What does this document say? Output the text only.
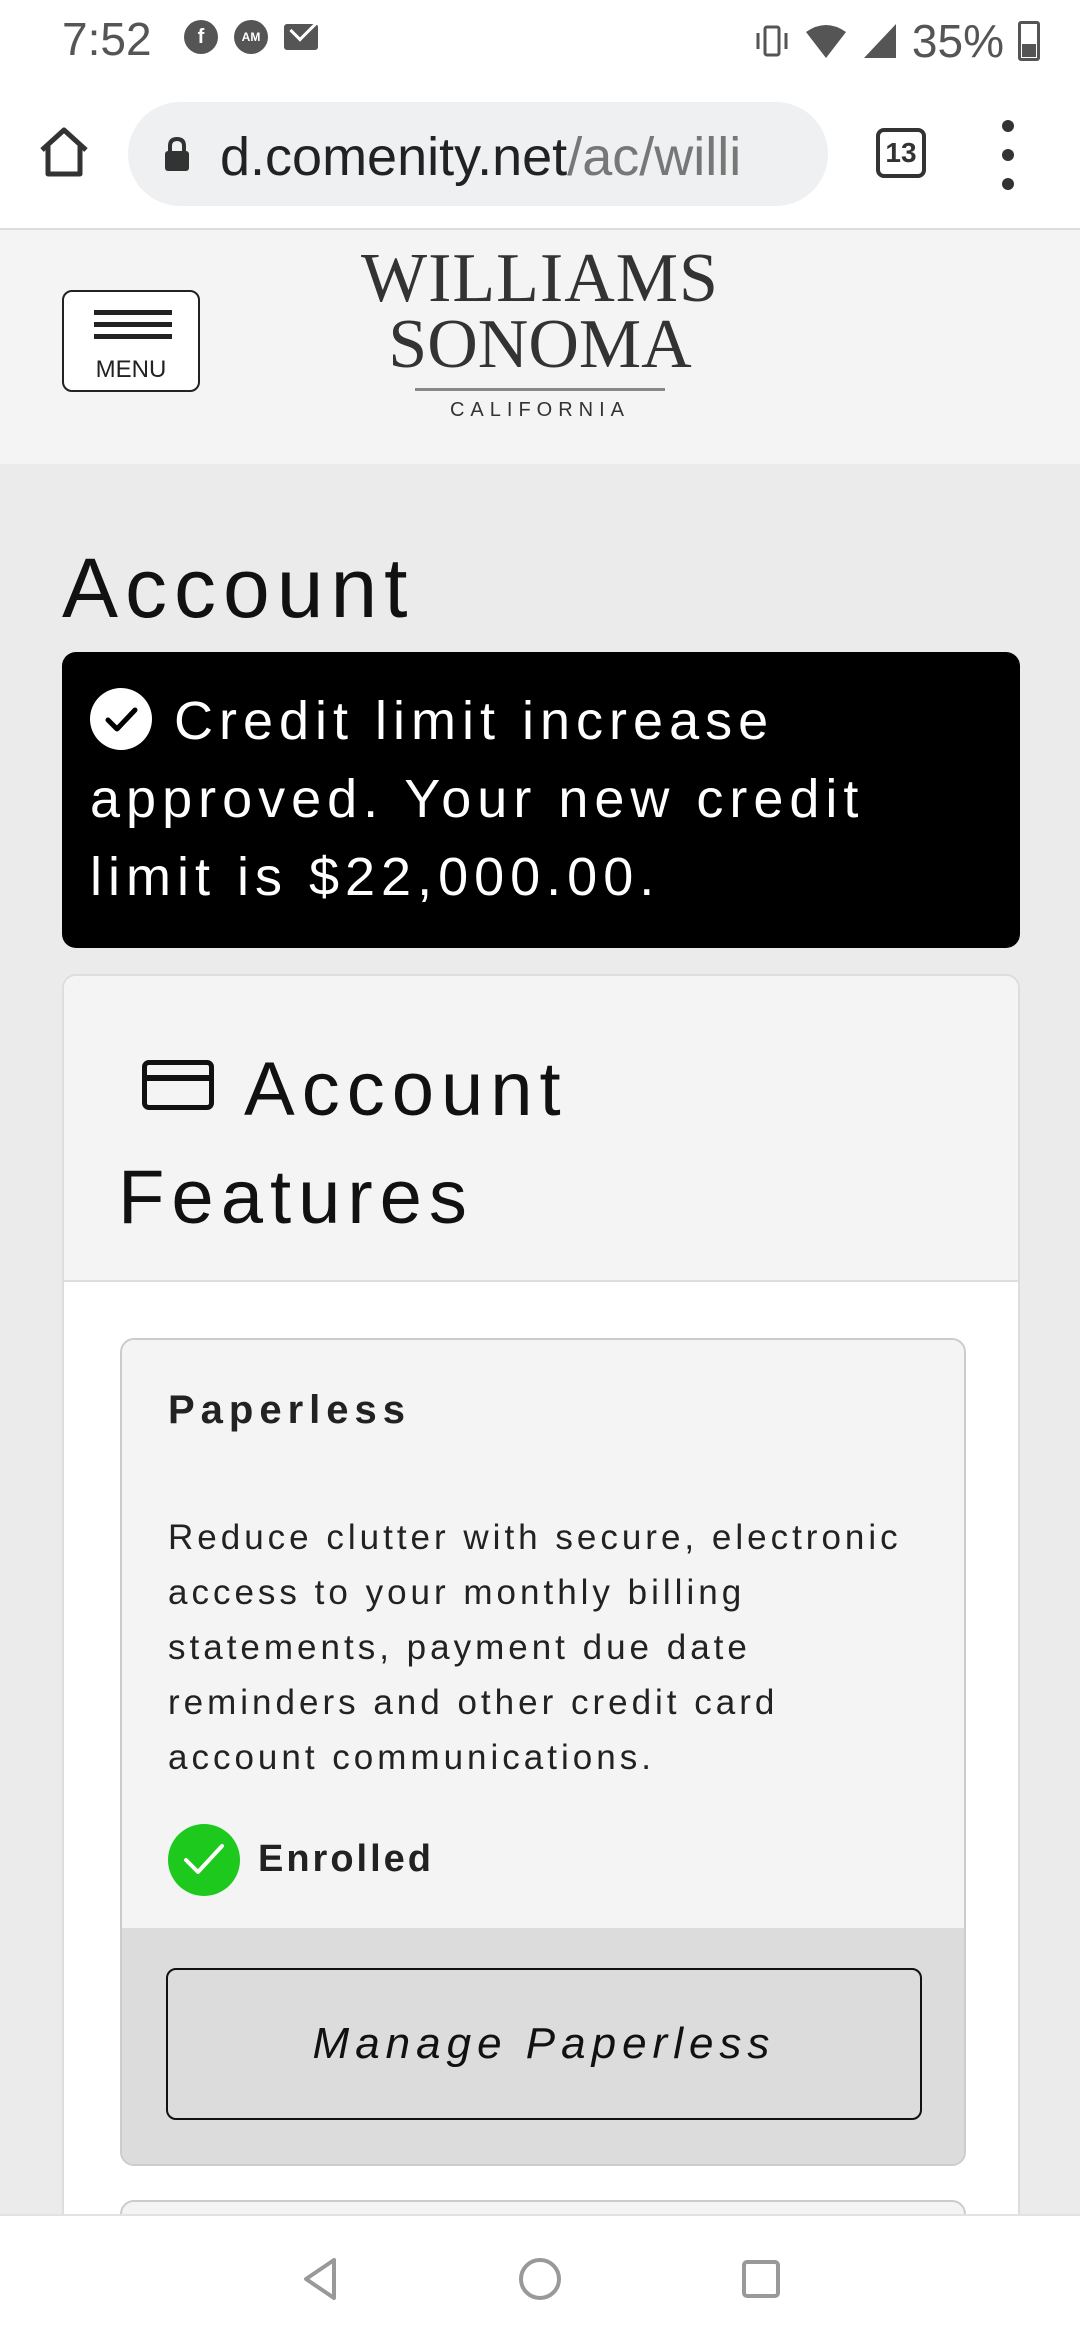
7:52	f	AM	35%
d.comenity.net/ac/willi	13
MENU
WILLIAMS
SONOMA
CALIFORNIA
Account
Credit limit increase approved. Your new credit limit is $22,000.00.
Account Features
Paperless
Reduce clutter with secure, electronic access to your monthly billing statements, payment due date reminders and other credit card account communications.
Enrolled
Manage Paperless
